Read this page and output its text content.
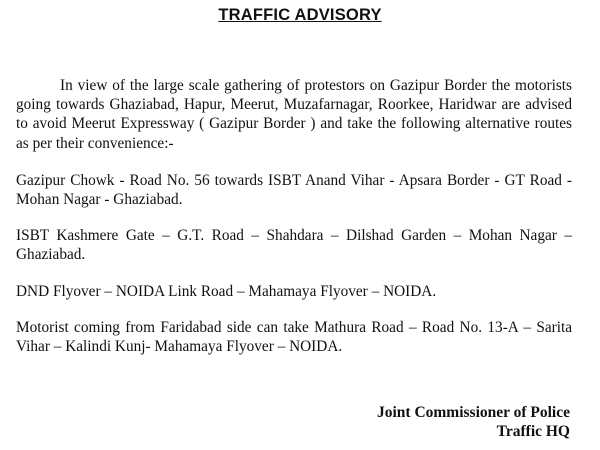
TRAFFIC ADVISORY

In view of the large scale gathering of protestors on Gazipur Border the motorists going towards Ghaziabad, Hapur, Meerut, Muzafarnagar, Roorkee, Haridwar are advised to avoid Meerut Expressway ( Gazipur Border ) and take the following alternative routes as per their convenience:-

Gazipur Chowk - Road No. 56 towards ISBT Anand Vihar - Apsara Border - GT Road - Mohan Nagar - Ghaziabad.

ISBT Kashmere Gate – G.T. Road – Shahdara – Dilshad Garden – Mohan Nagar – Ghaziabad.

DND Flyover – NOIDA Link Road – Mahamaya Flyover – NOIDA.

Motorist coming from Faridabad side can take Mathura Road – Road No. 13-A – Sarita Vihar – Kalindi Kunj- Mahamaya Flyover – NOIDA.

Joint Commissioner of Police
Traffic HQ
